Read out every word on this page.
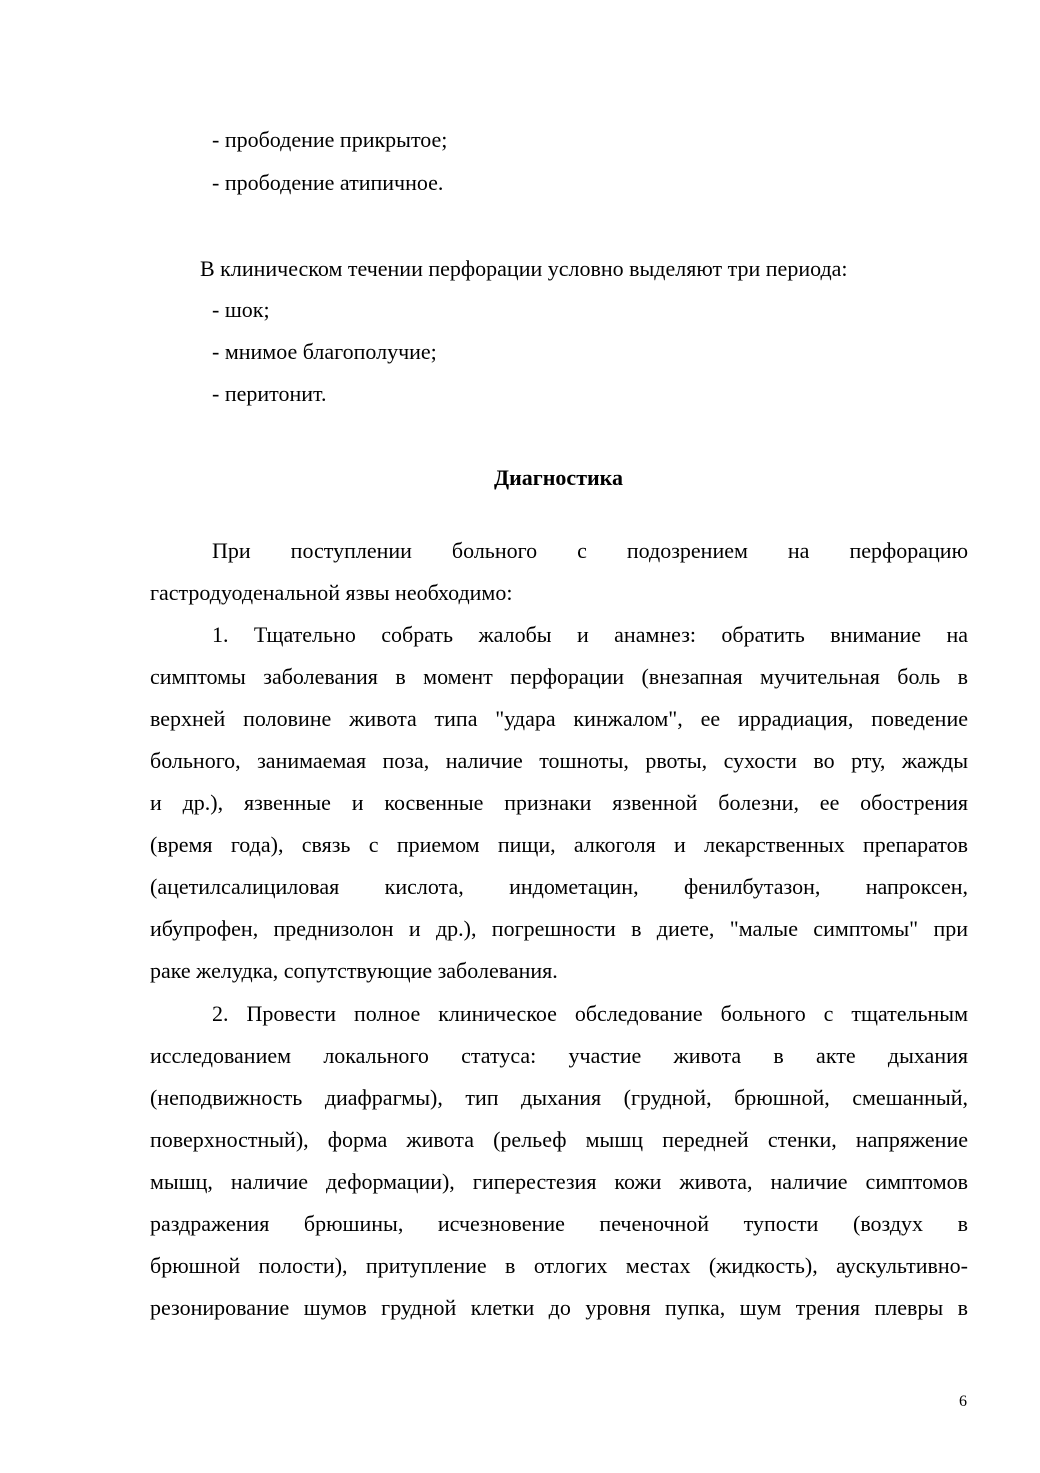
- прободение прикрытое;
- прободение атипичное.
В клиническом течении перфорации условно выделяют три периода:
- шок;
- мнимое благополучие;
- перитонит.
Диагностика
При поступлении больного с подозрением на перфорацию
гастродуоденальной язвы необходимо:
1. Тщательно собрать жалобы и анамнез: обратить внимание на
симптомы заболевания в момент перфорации (внезапная мучительная боль в
верхней половине живота типа "удара кинжалом", ее иррадиация, поведение
больного, занимаемая поза, наличие тошноты, рвоты, сухости во рту, жажды
и др.), язвенные и косвенные признаки язвенной болезни, ее обострения
(время года), связь с приемом пищи, алкоголя и лекарственных препаратов
(ацетилсалициловая кислота, индометацин, фенилбутазон, напроксен,
ибупрофен, преднизолон и др.), погрешности в диете, "малые симптомы" при
раке желудка, сопутствующие заболевания.
2. Провести полное клиническое обследование больного с тщательным
исследованием локального статуса: участие живота в акте дыхания
(неподвижность диафрагмы), тип дыхания (грудной, брюшной, смешанный,
поверхностный), форма живота (рельеф мышц передней стенки, напряжение
мышц, наличие деформации), гиперестезия кожи живота, наличие симптомов
раздражения брюшины, исчезновение печеночной тупости (воздух в
брюшной полости), притупление в отлогих местах (жидкость), аускультивно-
резонирование шумов грудной клетки до уровня пупка, шум трения плевры в
6
